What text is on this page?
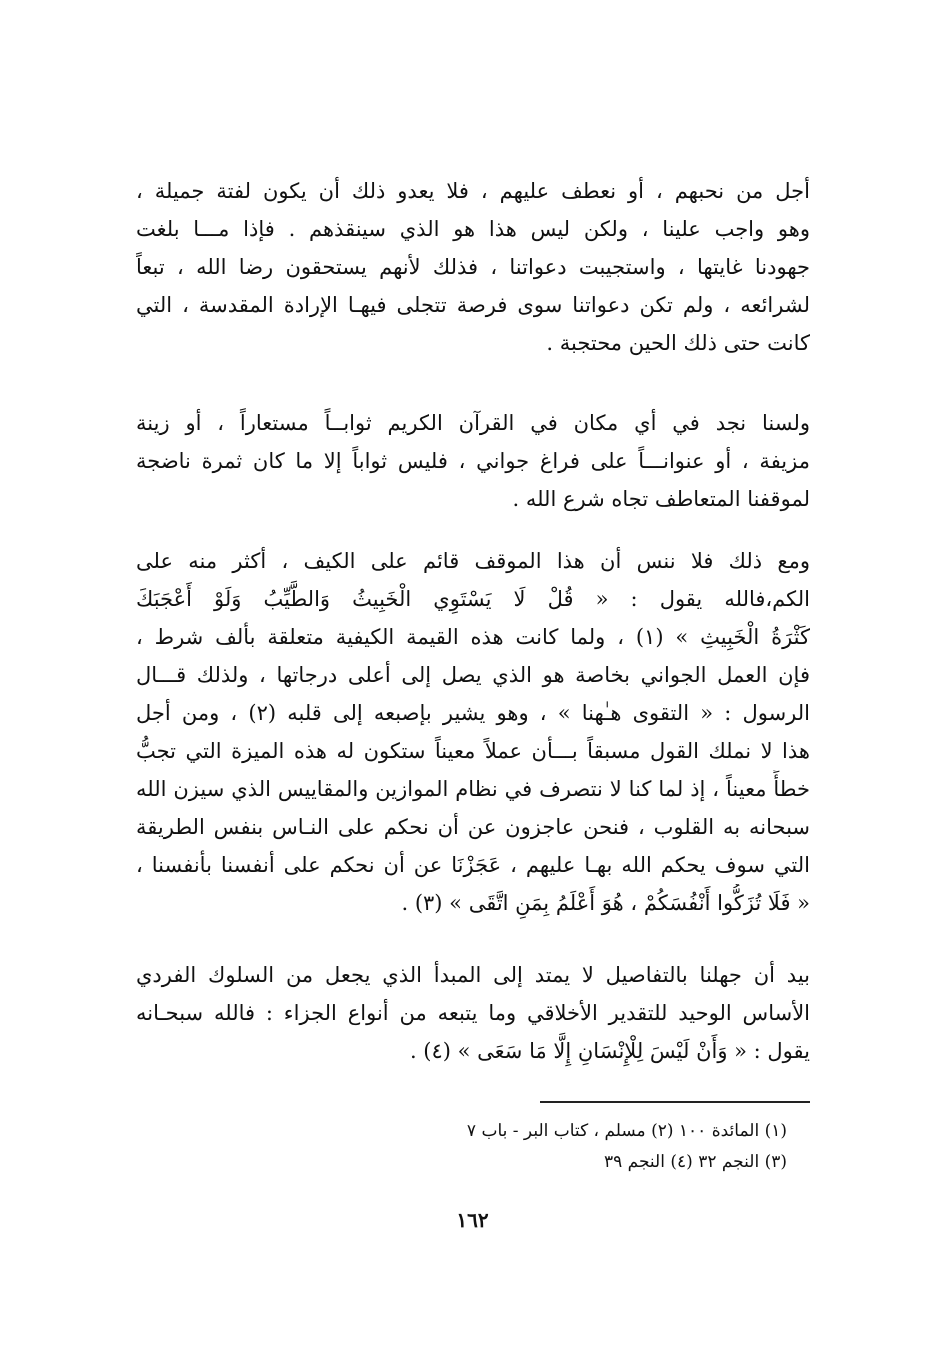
أجل من نحبهم ، أو نعطف عليهم ، فلا يعدو ذلك أن يكون لفتة جميلة ،
وهو واجب علينا ، ولكن ليس هذا هو الذي سينقذهم . فإذا مـــا بلغت
جهودنا غايتها ، واستجيبت دعواتنا ، فذلك لأنهم يستحقون رضا الله ، تبعاً
لشرائعه ، ولم تكن دعواتنا سوى فرصة تتجلى فيهـا الإرادة المقدسة ، التي
كانت حتى ذلك الحين محتجبة .
ولسنا نجد في أي مكان في القرآن الكريم ثوابــاً مستعاراً ، أو زينة
مزيفة ، أو عنوانـــاً على فراغ جواني ، فليس ثواباً إلا ما كان ثمرة ناضجة
لموقفنا المتعاطف تجاه شرع الله .
ومع ذلك فلا ننس أن هذا الموقف قائم على الكيف ، أكثر منه على
الكم،فالله يقول : « قُلْ لَا يَسْتَوِي الْخَبِيثُ وَالطَّيِّبُ وَلَوْ أَعْجَبَكَ
كَثْرَةُ الْخَبِيثِ » (١) ، ولما كانت هذه القيمة الكيفية متعلقة بألف شرط ،
فإن العمل الجواني بخاصة هو الذي يصل إلى أعلى درجاتها ، ولذلك قـــال
الرسول : « التقوى هـٰهنا » ، وهو يشير بإصبعه إلى قلبه (٢) ، ومن أجل
هذا لا نملك القول مسبقاً بـــأن عملاً معيناً ستكون له هذه الميزة التي تجبُّ
خطأً معيناً ، إذ لما كنا لا نتصرف في نظام الموازين والمقاييس الذي سيزن الله
سبحانه به القلوب ، فنحن عاجزون عن أن نحكم على النـاس بنفس الطريقة
التي سوف يحكم الله بهـا عليهم ، عَجَزْنَا عن أن نحكم على أنفسنا بأنفسنا ،
« فَلَا تُزَكُّوا أَنْفُسَكُمْ ، هُوَ أَعْلَمُ بِمَنِ اتَّقَى » (٣) .
بيد أن جهلنا بالتفاصيل لا يمتد إلى المبدأ الذي يجعل من السلوك الفردي
الأساس الوحيد للتقدير الأخلاقي وما يتبعه من أنواع الجزاء : فالله سبحـانه
يقول : « وَأَنْ لَيْسَ لِلْإِنْسَانِ إِلَّا مَا سَعَى » (٤) .
(١) المائدة ١٠٠ (٢) مسلم ، كتاب البر - باب ٧
(٣) النجم ٣٢ (٤) النجم ٣٩
١٦٢
